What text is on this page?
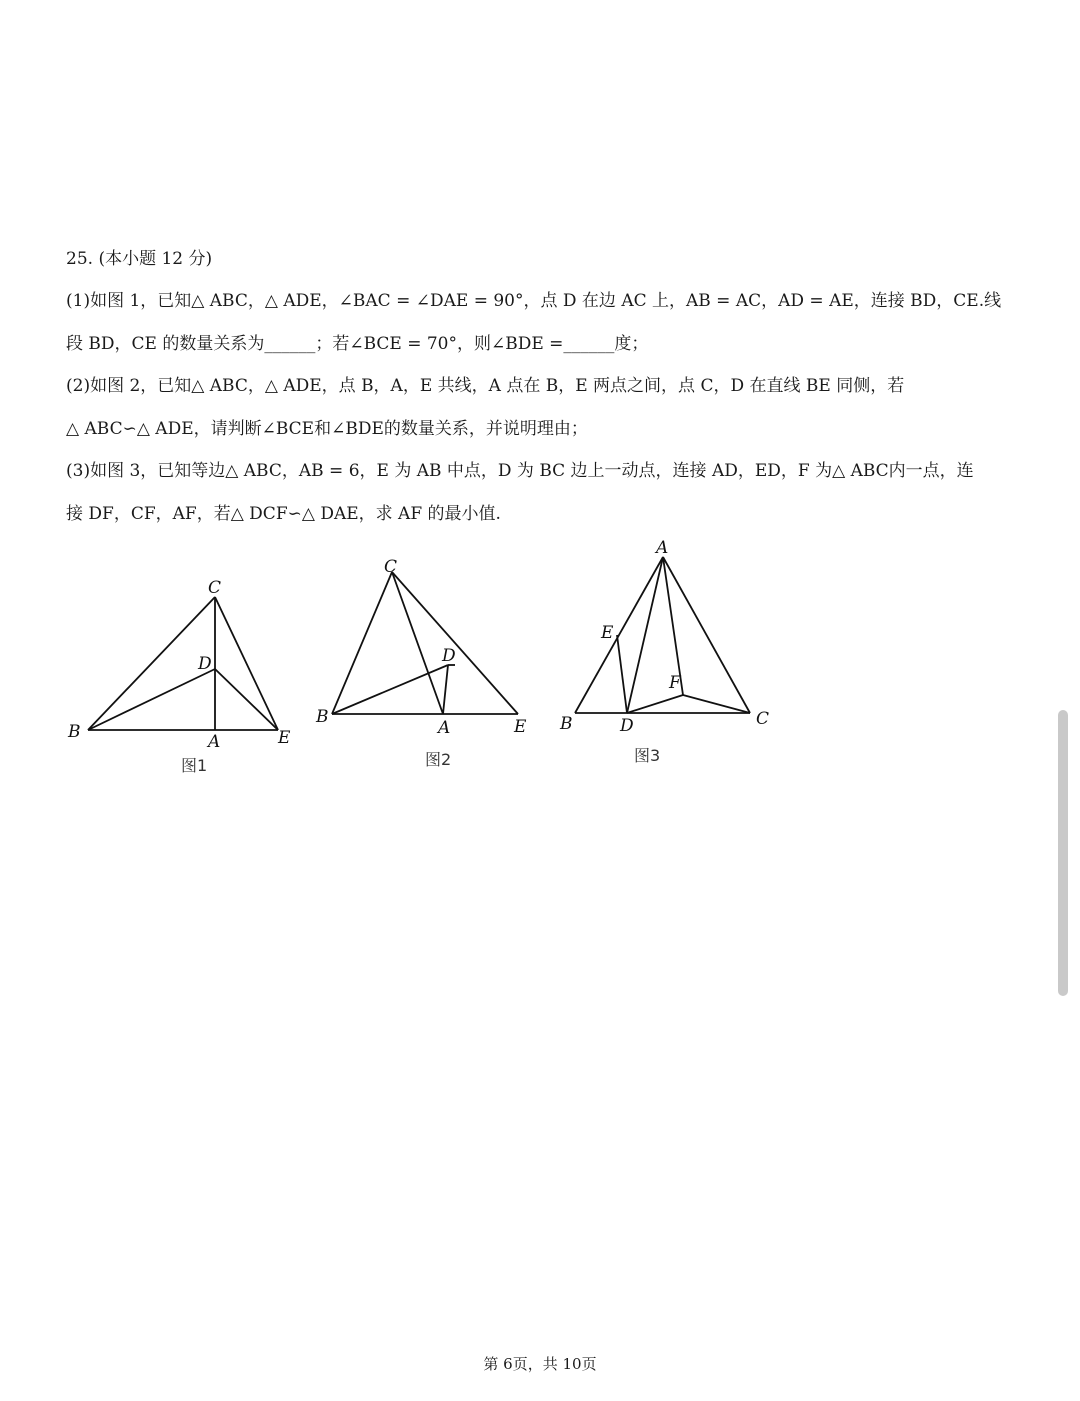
25. (本小题 12 分)
(1)如图 1，已知△ ABC，△ ADE，∠BAC = ∠DAE = 90°，点 D 在边 AC 上，AB = AC，AD = AE，连接 BD，CE.线
段 BD，CE 的数量关系为______；若∠BCE = 70°，则∠BDE =______度；
(2)如图 2，已知△ ABC，△ ADE，点 B，A，E 共线，A 点在 B，E 两点之间，点 C，D 在直线 BE 同侧，若
△ ABC∽△ ADE，请判断∠BCE和∠BDE的数量关系，并说明理由；
(3)如图 3，已知等边△ ABC，AB = 6，E 为 AB 中点，D 为 BC 边上一动点，连接 AD，ED，F 为△ ABC内一点，连
接 DF，CF，AF，若△ DCF∽△ DAE，求 AF 的最小值.
B	A	E
C
D
图1
B
A	E
C
D
图2
A
B	C
D
E
F
图3
第 6页，共 10页
